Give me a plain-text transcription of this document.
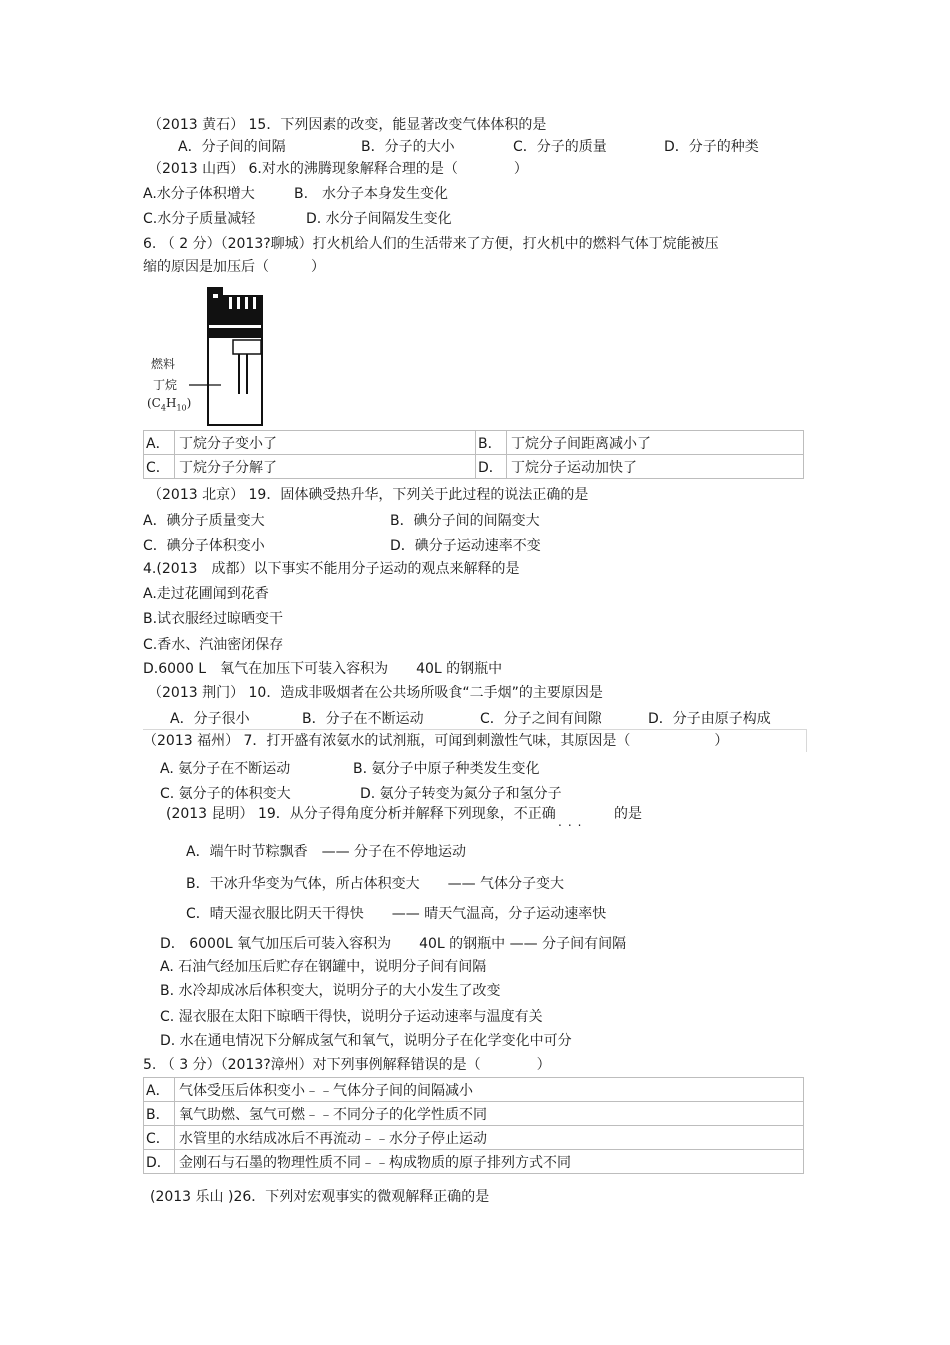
（2013 黄石） 15．下列因素的改变，能显著改变气体体积的是
A．分子间的间隔	B．分子的大小	C．分子的质量	D．分子的种类
（2013 山西） 6.对水的沸腾现象解释合理的是（　　　　）
A.水分子体积增大	B.　水分子本身发生变化
C.水分子质量减轻	D. 水分子间隔发生变化
6. （ 2 分）（2013?聊城）打火机给人们的生活带来了方便，打火机中的燃料气体丁烷能被压
缩的原因是加压后（　　　）
燃料
丁烷
$(C_4H_{10})$
A．	丁烷分子变小了	B．	丁烷分子间距离减小了
C．	丁烷分子分解了	D．	丁烷分子运动加快了
（2013 北京） 19．固体碘受热升华，下列关于此过程的说法正确的是
A．碘分子质量变大	B．碘分子间的间隔变大
C．碘分子体积变小	D．碘分子运动速率不变
4.(2013　成都）以下事实不能用分子运动的观点来解释的是
A.走过花圃闻到花香
B.试衣服经过晾晒变干
C.香水、汽油密闭保存
D.6000 L　氧气在加压下可装入容积为　　40L 的钢瓶中
（2013 荆门） 10．造成非吸烟者在公共场所吸食“二手烟”的主要原因是
A．分子很小	B．分子在不断运动	C．分子之间有间隙	D．分子由原子构成
（2013 福州） 7．打开盛有浓氨水的试剂瓶，可闻到刺激性气味，其原因是（　　　　　　）
A. 氨分子在不断运动	B. 氨分子中原子种类发生变化
C. 氨分子的体积变大	D. 氨分子转变为氮分子和氢分子
(2013 昆明） 19．从分子得角度分析并解释下列现象，不正确 ... 的是
A．端午时节粽飘香　—— 分子在不停地运动
B．干冰升华变为气体，所占体积变大　　—— 气体分子变大
C．晴天湿衣服比阴天干得快　　—— 晴天气温高，分子运动速率快
D． 6000L 氧气加压后可装入容积为　　40L 的钢瓶中 —— 分子间有间隔
A. 石油气经加压后贮存在钢罐中，说明分子间有间隔
B. 水冷却成冰后体积变大，说明分子的大小发生了改变
C. 湿衣服在太阳下晾晒干得快，说明分子运动速率与温度有关
D. 水在通电情况下分解成氢气和氧气，说明分子在化学变化中可分
5. （ 3 分）（2013?漳州）对下列事例解释错误的是（　　　　）
A．	气体受压后体积变小﹣﹣气体分子间的间隔减小
B．	氧气助燃、氢气可燃﹣﹣不同分子的化学性质不同
C．	水管里的水结成冰后不再流动﹣﹣水分子停止运动
D．	金刚石与石墨的物理性质不同﹣﹣构成物质的原子排列方式不同
(2013 乐山 )26．下列对宏观事实的微观解释正确的是
